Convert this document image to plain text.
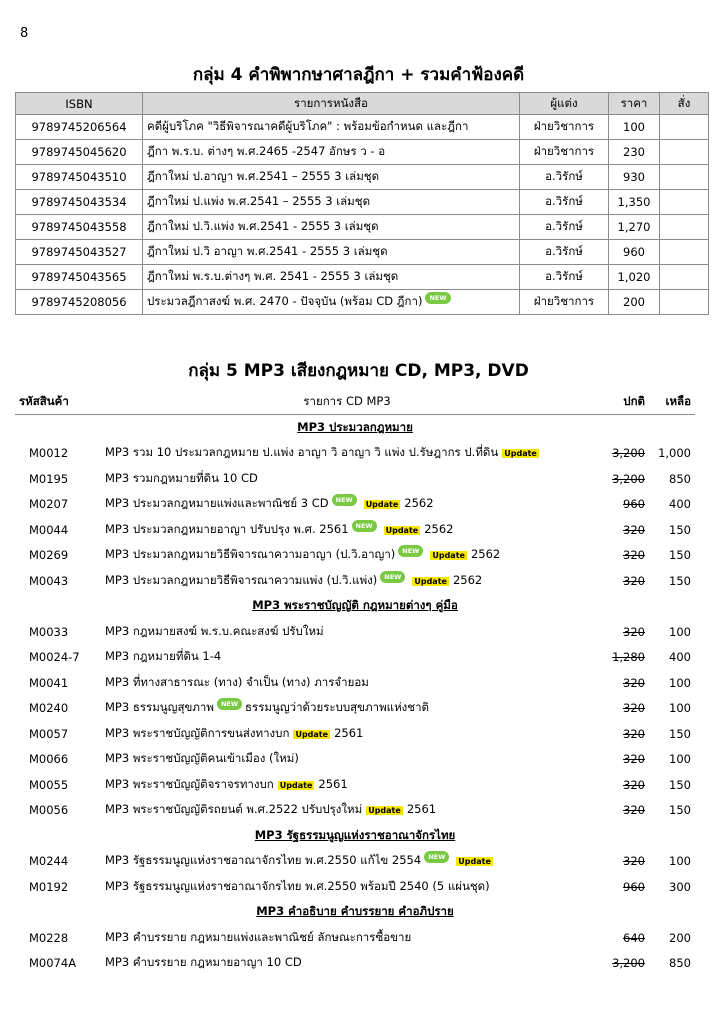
8
กลุ่ม 4 คำพิพากษาศาลฎีกา + รวมคำฟ้องคดี
ISBN	รายการหนังสือ	ผู้แต่ง	ราคา	สั่ง
9789745206564	คดีผู้บริโภค "วิธีพิจารณาคดีผู้บริโภค" : พร้อมข้อกำหนด และฎีกา	ฝ่ายวิชาการ	100	
9789745045620	ฎีกา พ.ร.บ. ต่างๆ พ.ศ.2465 -2547 อักษร ว - อ	ฝ่ายวิชาการ	230	
9789745043510	ฎีกาใหม่ ป.อาญา พ.ศ.2541 – 2555 3 เล่มชุด	อ.วิรักษ์	930	
9789745043534	ฎีกาใหม่ ป.แพ่ง พ.ศ.2541 – 2555 3 เล่มชุด	อ.วิรักษ์	1,350	
9789745043558	ฎีกาใหม่ ป.วิ.แพ่ง พ.ศ.2541 - 2555 3 เล่มชุด	อ.วิรักษ์	1,270	
9789745043527	ฎีกาใหม่ ป.วิ อาญา พ.ศ.2541 - 2555 3 เล่มชุด	อ.วิรักษ์	960	
9789745043565	ฎีกาใหม่ พ.ร.บ.ต่างๆ พ.ศ. 2541 - 2555 3 เล่มชุด	อ.วิรักษ์	1,020	
9789745208056	ประมวลฎีกาสงฆ์ พ.ศ. 2470 - ปัจจุบัน (พร้อม CD ฎีกา) NEW	ฝ่ายวิชาการ	200	
กลุ่ม 5 MP3 เสียงกฎหมาย CD, MP3, DVD
รหัสสินค้า	รายการ CD MP3	ปกติ	เหลือ
MP3 ประมวลกฎหมาย			
M0012	MP3 รวม 10 ประมวลกฎหมาย ป.แพ่ง อาญา วิ อาญา วิ แพ่ง ป.รัษฎากร ป.ที่ดิน Update	3,200	1,000
M0195	MP3 รวมกฎหมายที่ดิน 10 CD	3,200	850
M0207	MP3 ประมวลกฎหมายแพ่งและพาณิชย์ 3 CD NEW Update 2562	960	400
M0044	MP3 ประมวลกฎหมายอาญา ปรับปรุง พ.ศ. 2561 NEW Update 2562	320	150
M0269	MP3 ประมวลกฎหมายวิธีพิจารณาความอาญา (ป.วิ.อาญา) NEW Update 2562	320	150
M0043	MP3 ประมวลกฎหมายวิธีพิจารณาความแพ่ง (ป.วิ.แพ่ง) NEW Update 2562	320	150
MP3 พระราชบัญญัติ กฎหมายต่างๆ คู่มือ			
M0033	MP3 กฎหมายสงฆ์ พ.ร.บ.คณะสงฆ์ ปรับใหม่	320	100
M0024-7	MP3 กฎหมายที่ดิน 1-4	1,280	400
M0041	MP3 ที่ทางสาธารณะ (ทาง) จำเป็น (ทาง) ภารจำยอม	320	100
M0240	MP3 ธรรมนูญสุขภาพ NEW ธรรมนูญว่าด้วยระบบสุขภาพแห่งชาติ	320	100
M0057	MP3 พระราชบัญญัติการขนส่งทางบก Update 2561	320	150
M0066	MP3 พระราชบัญญัติคนเข้าเมือง (ใหม่)	320	100
M0055	MP3 พระราชบัญญัติจราจรทางบก Update 2561	320	150
M0056	MP3 พระราชบัญญัติรถยนต์ พ.ศ.2522 ปรับปรุงใหม่ Update 2561	320	150
MP3 รัฐธรรมนูญแห่งราชอาณาจักรไทย			
M0244	MP3 รัฐธรรมนูญแห่งราชอาณาจักรไทย พ.ศ.2550 แก้ไข 2554 NEW Update	320	100
M0192	MP3 รัฐธรรมนูญแห่งราชอาณาจักรไทย พ.ศ.2550 พร้อมปี 2540 (5 แผ่นชุด)	960	300
MP3 คำอธิบาย คำบรรยาย คำอภิปราย			
M0228	MP3 คำบรรยาย กฎหมายแพ่งและพาณิชย์ ลักษณะการซื้อขาย	640	200
M0074A	MP3 คำบรรยาย กฎหมายอาญา 10 CD	3,200	850
